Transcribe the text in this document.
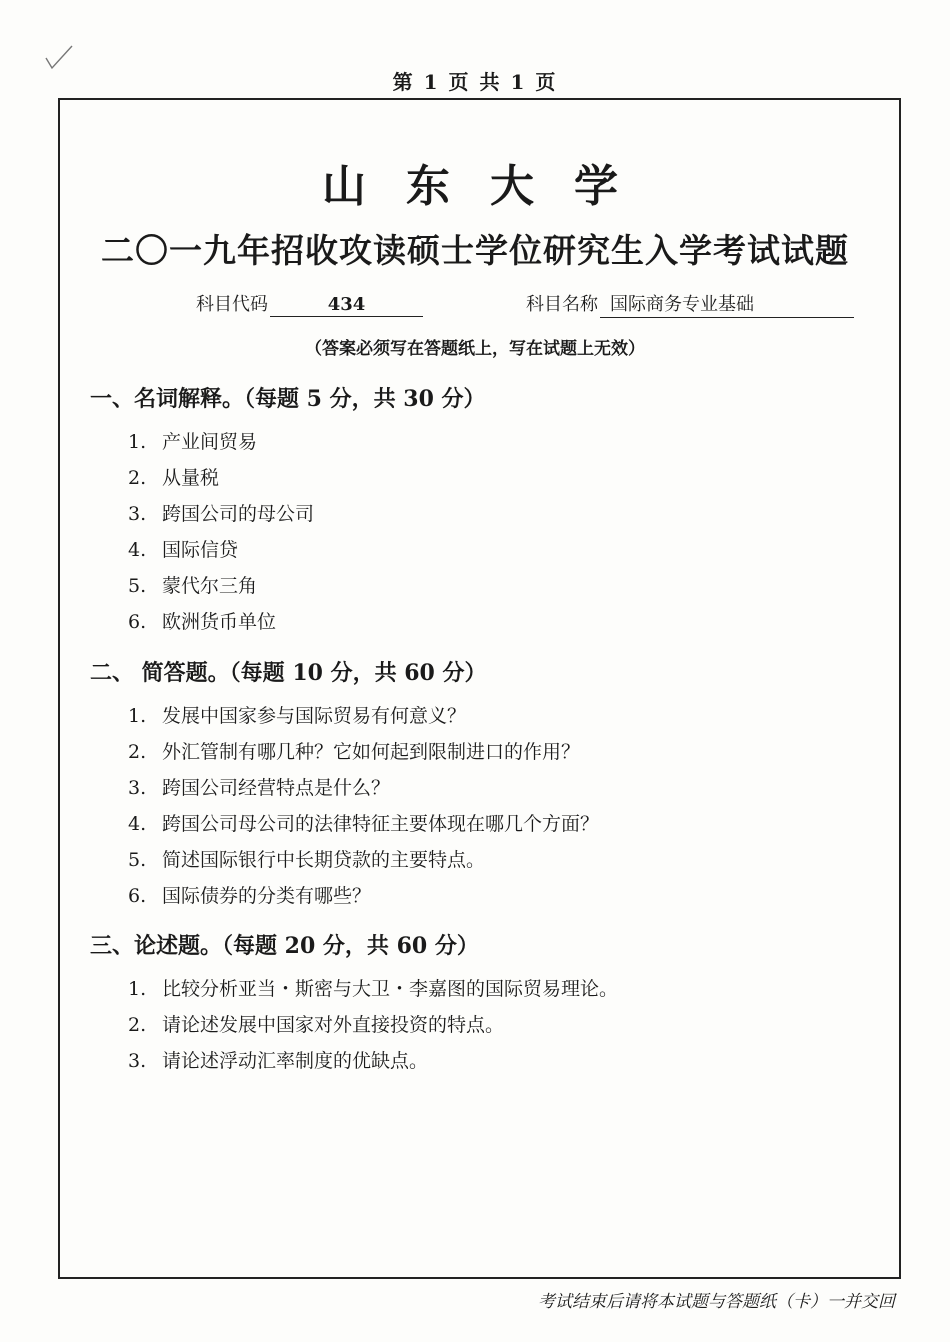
第 1 页 共 1 页
山东大学
二〇一九年招收攻读硕士学位研究生入学考试试题
科目代码	434	科目名称 国际商务专业基础
（答案必须写在答题纸上，写在试题上无效）
一、名词解释。（每题 5 分，共 30 分）
1. 产业间贸易
2. 从量税
3. 跨国公司的母公司
4. 国际信贷
5. 蒙代尔三角
6. 欧洲货币单位
二、 简答题。（每题 10 分，共 60 分）
1. 发展中国家参与国际贸易有何意义？
2. 外汇管制有哪几种？它如何起到限制进口的作用？
3. 跨国公司经营特点是什么？
4. 跨国公司母公司的法律特征主要体现在哪几个方面？
5. 简述国际银行中长期贷款的主要特点。
6. 国际债券的分类有哪些？
三、论述题。（每题 20 分，共 60 分）
1. 比较分析亚当・斯密与大卫・李嘉图的国际贸易理论。
2. 请论述发展中国家对外直接投资的特点。
3. 请论述浮动汇率制度的优缺点。
考试结束后请将本试题与答题纸（卡）一并交回
